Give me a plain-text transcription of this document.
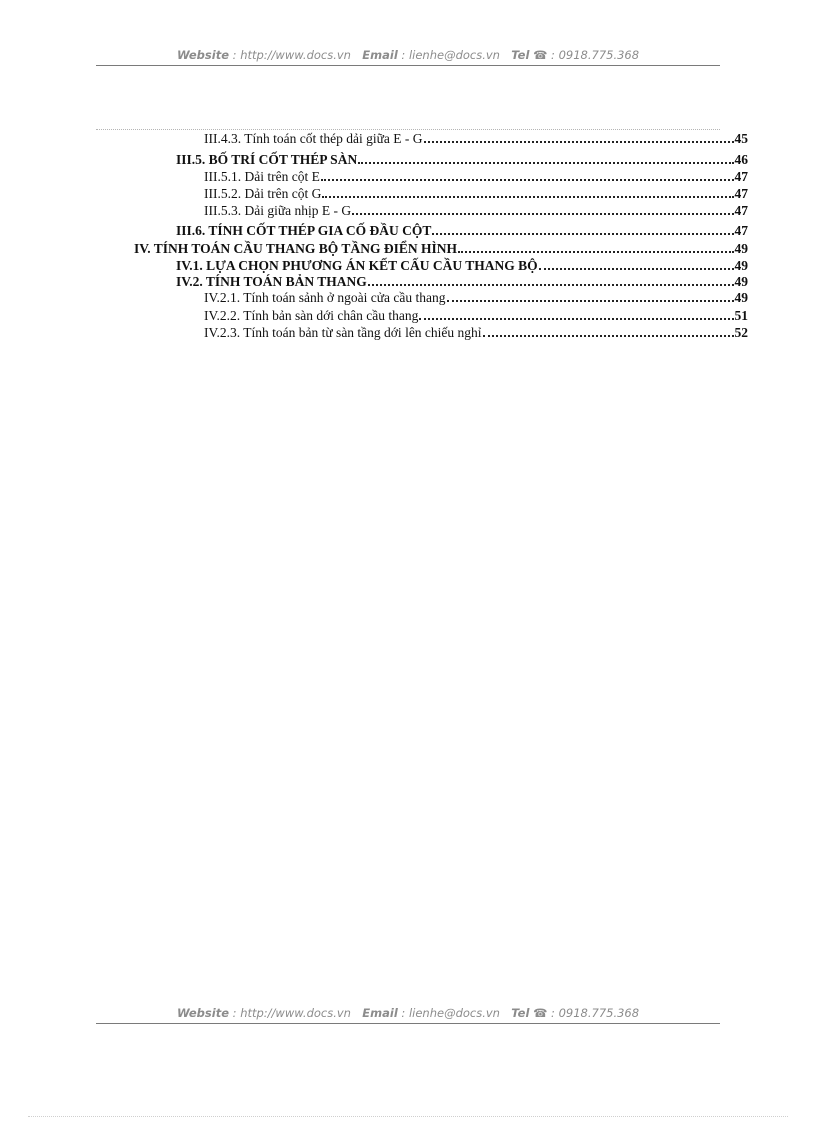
Website : http://www.docs.vn Email : lienhe@docs.vn Tel ☎ : 0918.775.368
III.4.3. Tính toán cốt thép dải giữa E - G	45
III.5. BỐ TRÍ CỐT THÉP SÀN	46
III.5.1. Dải trên cột E	47
III.5.2. Dải trên cột G	47
III.5.3. Dải giữa nhịp E - G	47
III.6. TÍNH CỐT THÉP GIA CỐ ĐẦU CỘT	47
IV. TÍNH TOÁN CẦU THANG BỘ TẦNG ĐIỂN HÌNH	49
IV.1. LỰA CHỌN PHƯƠNG ÁN KẾT CẤU CẦU THANG BỘ	49
IV.2. TÍNH TOÁN BẢN THANG	49
IV.2.1. Tính toán sảnh ở ngoài cửa cầu thang	49
IV.2.2. Tính bản sàn dới chân cầu thang	51
IV.2.3. Tính toán bản từ sàn tầng dới lên chiếu nghỉ	52
Website : http://www.docs.vn Email : lienhe@docs.vn Tel ☎ : 0918.775.368
